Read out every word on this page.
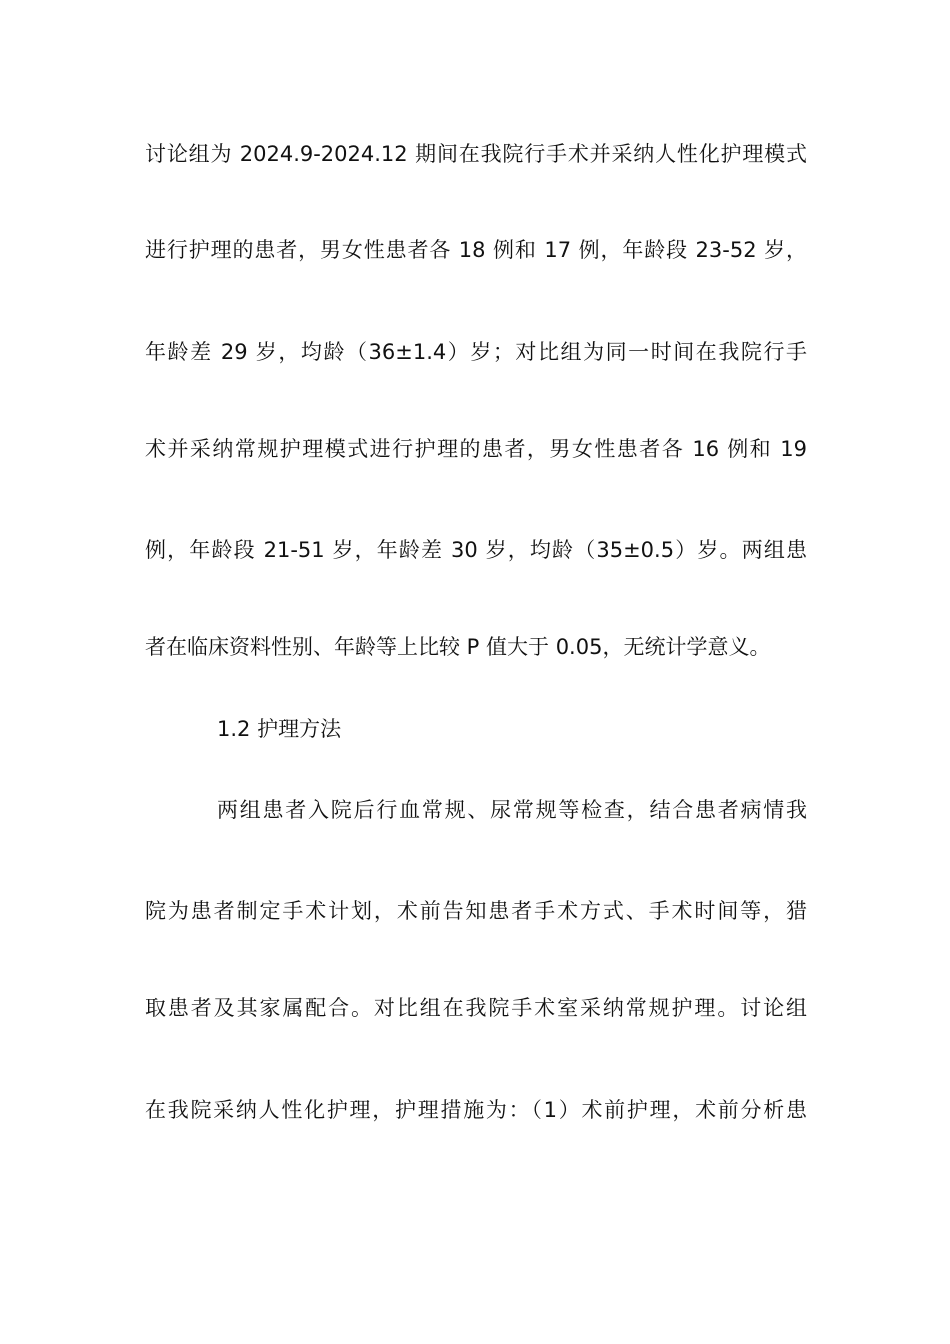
讨论组为 2024.9-2024.12 期间在我院行手术并采纳人性化护理模式
进行护理的患者，男女性患者各 18 例和 17 例，年龄段 23-52 岁，
年龄差 29 岁，均龄（36±1.4）岁；对比组为同一时间在我院行手
术并采纳常规护理模式进行护理的患者，男女性患者各 16 例和 19
例，年龄段 21-51 岁，年龄差 30 岁，均龄（35±0.5）岁。两组患
者在临床资料性别、年龄等上比较 P 值大于 0.05，无统计学意义。
1.2 护理方法
两组患者入院后行血常规、尿常规等检查，结合患者病情我
院为患者制定手术计划，术前告知患者手术方式、手术时间等，猎
取患者及其家属配合。对比组在我院手术室采纳常规护理。讨论组
在我院采纳人性化护理，护理措施为：（1）术前护理，术前分析患
